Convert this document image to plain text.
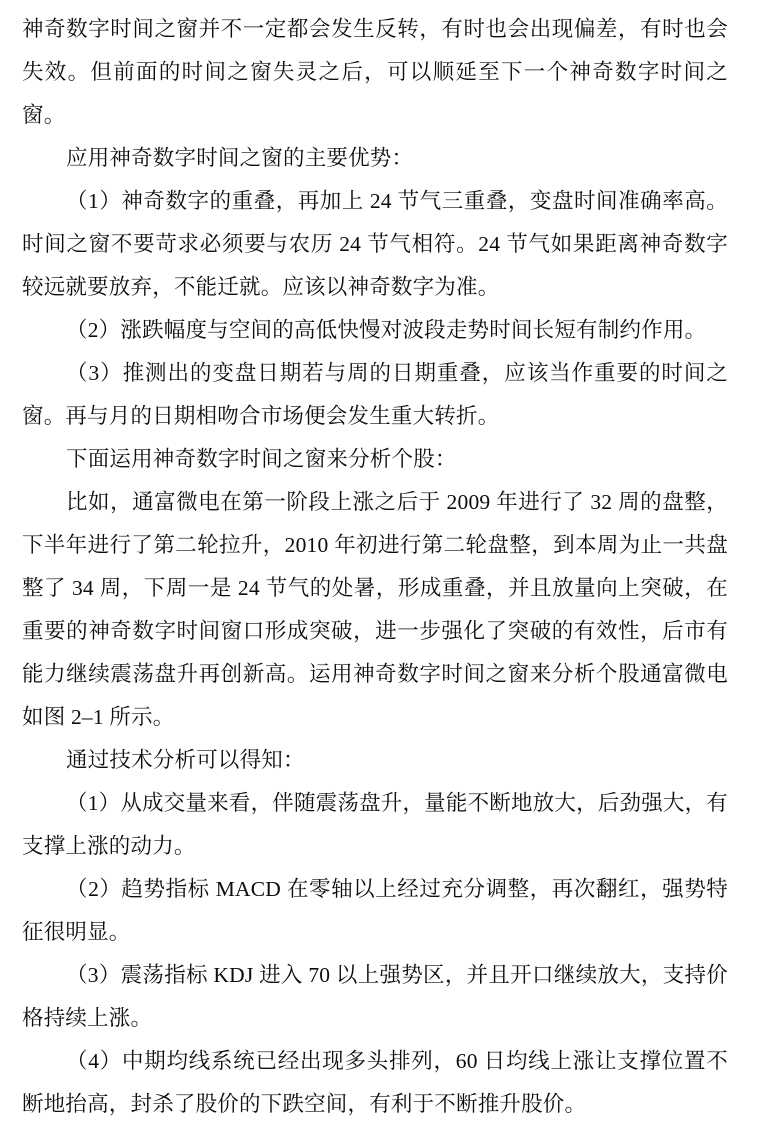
神奇数字时间之窗并不一定都会发生反转，有时也会出现偏差，有时也会失效。但前面的时间之窗失灵之后，可以顺延至下一个神奇数字时间之窗。

应用神奇数字时间之窗的主要优势：

（1）神奇数字的重叠，再加上 24 节气三重叠，变盘时间准确率高。时间之窗不要苛求必须要与农历 24 节气相符。24 节气如果距离神奇数字较远就要放弃，不能迁就。应该以神奇数字为准。

（2）涨跌幅度与空间的高低快慢对波段走势时间长短有制约作用。

（3）推测出的变盘日期若与周的日期重叠，应该当作重要的时间之窗。再与月的日期相吻合市场便会发生重大转折。

下面运用神奇数字时间之窗来分析个股：

比如，通富微电在第一阶段上涨之后于 2009 年进行了 32 周的盘整，下半年进行了第二轮拉升，2010 年初进行第二轮盘整，到本周为止一共盘整了 34 周，下周一是 24 节气的处暑，形成重叠，并且放量向上突破，在重要的神奇数字时间窗口形成突破，进一步强化了突破的有效性，后市有能力继续震荡盘升再创新高。运用神奇数字时间之窗来分析个股通富微电如图 2–1 所示。

通过技术分析可以得知：

（1）从成交量来看，伴随震荡盘升，量能不断地放大，后劲强大，有支撑上涨的动力。

（2）趋势指标 MACD 在零轴以上经过充分调整，再次翻红，强势特征很明显。

（3）震荡指标 KDJ 进入 70 以上强势区，并且开口继续放大，支持价格持续上涨。

（4）中期均线系统已经出现多头排列，60 日均线上涨让支撑位置不断地抬高，封杀了股价的下跌空间，有利于不断推升股价。
